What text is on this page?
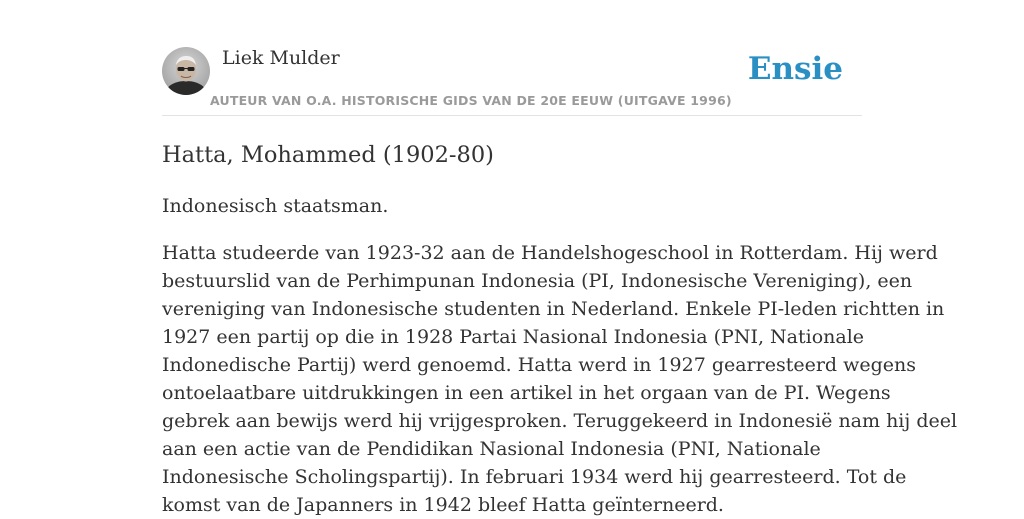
Liek Mulder
AUTEUR VAN O.A. HISTORISCHE GIDS VAN DE 20E EEUW (UITGAVE 1996)
Ensie
Hatta, Mohammed (1902-80)

Indonesisch staatsman.

Hatta studeerde van 1923-32 aan de Handelshogeschool in Rotterdam. Hij werd
bestuurslid van de Perhimpunan Indonesia (PI, Indonesische Vereniging), een
vereniging van Indonesische studenten in Nederland. Enkele PI-leden richtten in
1927 een partij op die in 1928 Partai Nasional Indonesia (PNI, Nationale
Indonedische Partij) werd genoemd. Hatta werd in 1927 gearresteerd wegens
ontoelaatbare uitdrukkingen in een artikel in het orgaan van de PI. Wegens
gebrek aan bewijs werd hij vrijgesproken. Teruggekeerd in Indonesië nam hij deel
aan een actie van de Pendidikan Nasional Indonesia (PNI, Nationale
Indonesische Scholingspartij). In februari 1934 werd hij gearresteerd. Tot de
komst van de Japanners in 1942 bleef Hatta geïnterneerd.
